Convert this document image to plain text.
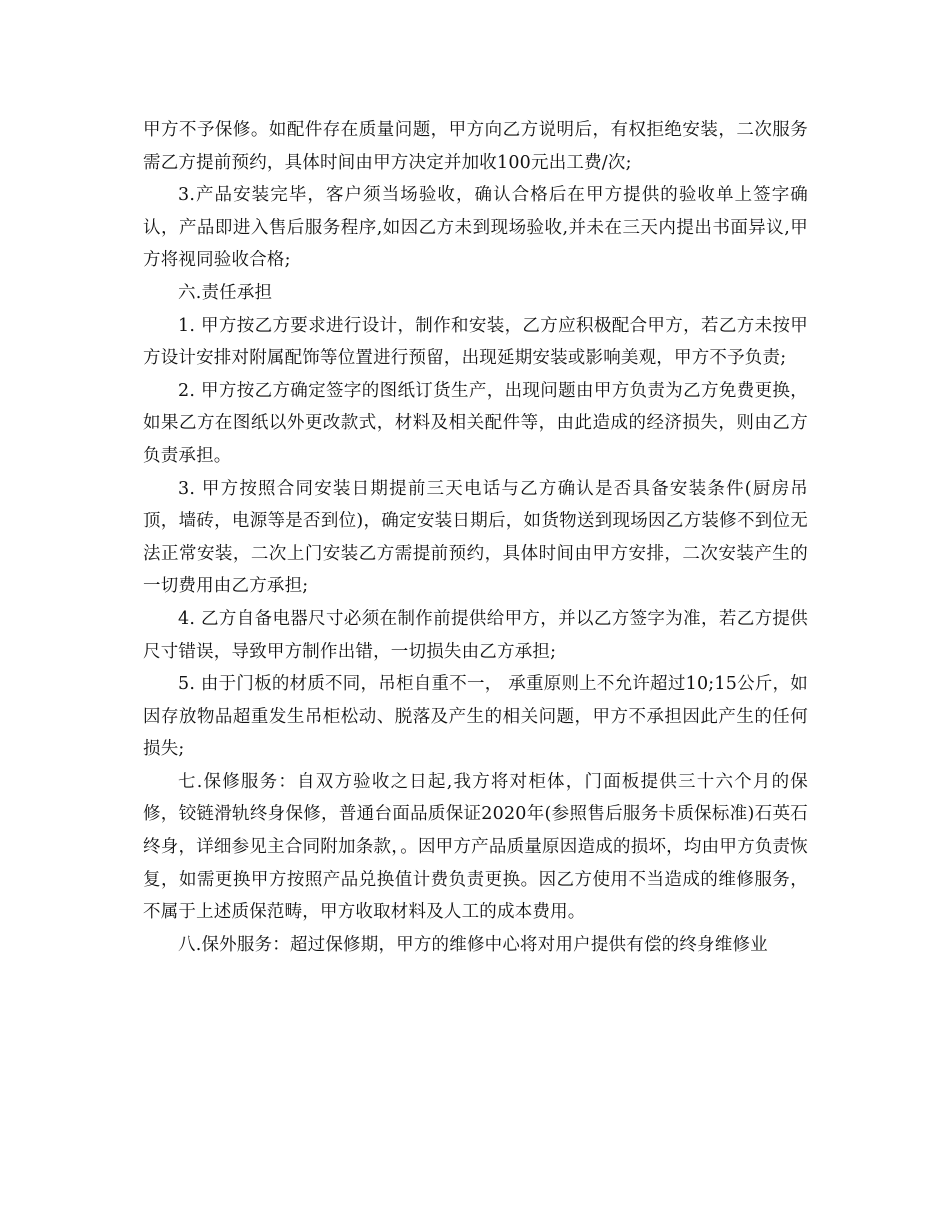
甲方不予保修。如配件存在质量问题，甲方向乙方说明后，有权拒绝安装，二次服务需乙方提前预约，具体时间由甲方决定并加收100元出工费/次;

3.产品安装完毕，客户须当场验收，确认合格后在甲方提供的验收单上签字确认，产品即进入售后服务程序,如因乙方未到现场验收,并未在三天内提出书面异议,甲方将视同验收合格;

六.责任承担

1. 甲方按乙方要求进行设计，制作和安装，乙方应积极配合甲方，若乙方未按甲方设计安排对附属配饰等位置进行预留，出现延期安装或影响美观，甲方不予负责;

2. 甲方按乙方确定签字的图纸订货生产，出现问题由甲方负责为乙方免费更换，如果乙方在图纸以外更改款式，材料及相关配件等，由此造成的经济损失，则由乙方负责承担。

3. 甲方按照合同安装日期提前三天电话与乙方确认是否具备安装条件(厨房吊顶，墙砖，电源等是否到位)，确定安装日期后，如货物送到现场因乙方装修不到位无法正常安装，二次上门安装乙方需提前预约，具体时间由甲方安排，二次安装产生的一切费用由乙方承担;

4. 乙方自备电器尺寸必须在制作前提供给甲方，并以乙方签字为准，若乙方提供尺寸错误，导致甲方制作出错，一切损失由乙方承担;

5. 由于门板的材质不同，吊柜自重不一， 承重原则上不允许超过10;15公斤，如因存放物品超重发生吊柜松动、脱落及产生的相关问题，甲方不承担因此产生的任何损失;

七.保修服务：自双方验收之日起,我方将对柜体，门面板提供三十六个月的保修，铰链滑轨终身保修，普通台面品质保证2020年(参照售后服务卡质保标准)石英石终身，详细参见主合同附加条款，。因甲方产品质量原因造成的损坏，均由甲方负责恢复，如需更换甲方按照产品兑换值计费负责更换。因乙方使用不当造成的维修服务，不属于上述质保范畴，甲方收取材料及人工的成本费用。

八.保外服务：超过保修期，甲方的维修中心将对用户提供有偿的终身维修业
